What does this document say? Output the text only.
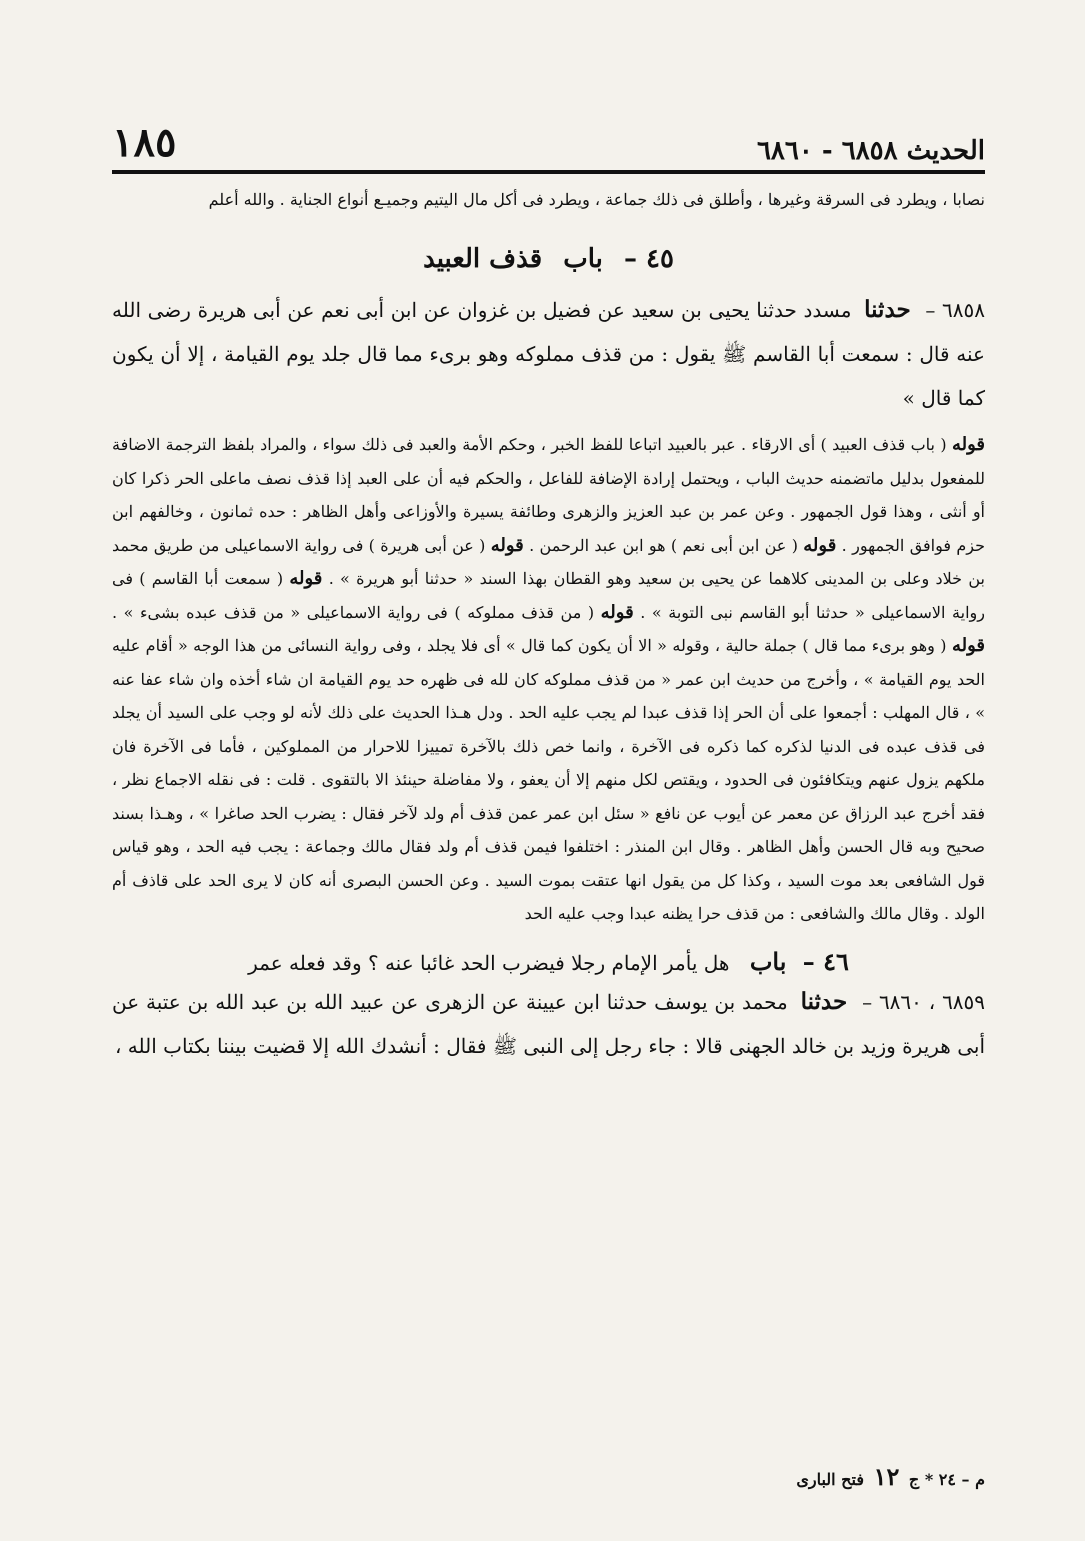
الحديث ٦٨٥٨ - ٦٨٦٠
١٨٥

نصابا ، ويطرد فى السرقة وغيرها ، وأطلق فى ذلك جماعة ، ويطرد فى أكل مال اليتيم وجميـع أنواع الجناية . والله أعلم

٤٥ – باب قذف العبيد

٦٨٥٨ – حدثنا مسدد حدثنا يحيى بن سعيد عن فضيل بن غزوان عن ابن أبى نعم عن أبى هريرة رضى الله عنه قال : سمعت أبا القاسم ﷺ يقول : من قذف مملوكه وهو برىء مما قال جلد يوم القيامة ، إلا أن يكون كما قال »

قوله ( باب قذف العبيد ) أى الارقاء . عبر بالعبيد اتباعا للفظ الخبر ، وحكم الأمة والعبد فى ذلك سواء ، والمراد بلفظ الترجمة الاضافة للمفعول بدليل ماتضمنه حديث الباب ، ويحتمل إرادة الإضافة للفاعل ، والحكم فيه أن على العبد إذا قذف نصف ماعلى الحر ذكرا كان أو أنثى ، وهذا قول الجمهور . وعن عمر بن عبد العزيز والزهرى وطائفة يسيرة والأوزاعى وأهل الظاهر : حده ثمانون ، وخالفهم ابن حزم فوافق الجمهور . قوله ( عن ابن أبى نعم ) هو ابن عبد الرحمن . قوله ( عن أبى هريرة ) فى رواية الاسماعيلى من طريق محمد بن خلاد وعلى بن المدينى كلاهما عن يحيى بن سعيد وهو القطان بهذا السند « حدثنا أبو هريرة » . قوله ( سمعت أبا القاسم ) فى رواية الاسماعيلى « حدثنا أبو القاسم نبى التوبة » . قوله ( من قذف مملوكه ) فى رواية الاسماعيلى « من قذف عبده بشىء » . قوله ( وهو برىء مما قال ) جملة حالية ، وقوله « الا أن يكون كما قال » أى فلا يجلد ، وفى رواية النسائى من هذا الوجه « أقام عليه الحد يوم القيامة » ، وأخرج من حديث ابن عمر « من قذف مملوكه كان لله فى ظهره حد يوم القيامة ان شاء أخذه وان شاء عفا عنه » ، قال المهلب : أجمعوا على أن الحر إذا قذف عبدا لم يجب عليه الحد . ودل هـذا الحديث على ذلك لأنه لو وجب على السيد أن يجلد فى قذف عبده فى الدنيا لذكره كما ذكره فى الآخرة ، وانما خص ذلك بالآخرة تمييزا للاحرار من المملوكين ، فأما فى الآخرة فان ملكهم يزول عنهم ويتكافئون فى الحدود ، ويقتص لكل منهم إلا أن يعفو ، ولا مفاضلة حينئذ الا بالتقوى . قلت : فى نقله الاجماع نظر ، فقد أخرج عبد الرزاق عن معمر عن أيوب عن نافع « سئل ابن عمر عمن قذف أم ولد لآخر فقال : يضرب الحد صاغرا » ، وهـذا بسند صحيح وبه قال الحسن وأهل الظاهر . وقال ابن المنذر : اختلفوا فيمن قذف أم ولد فقال مالك وجماعة : يجب فيه الحد ، وهو قياس قول الشافعى بعد موت السيد ، وكذا كل من يقول انها عتقت بموت السيد . وعن الحسن البصرى أنه كان لا يرى الحد على قاذف أم الولد . وقال مالك والشافعى : من قذف حرا يظنه عبدا وجب عليه الحد

٤٦ – باب هل يأمر الإمام رجلا فيضرب الحد غائبا عنه ؟ وقد فعله عمر

٦٨٥٩ ، ٦٨٦٠ – حدثنا محمد بن يوسف حدثنا ابن عيينة عن الزهرى عن عبيد الله بن عبد الله بن عتبة عن أبى هريرة وزيد بن خالد الجهنى قالا : جاء رجل إلى النبى ﷺ فقال : أنشدك الله إلا قضيت بيننا بكتاب الله ،

م – ٢٤ * ج ١٢ فتح البارى
